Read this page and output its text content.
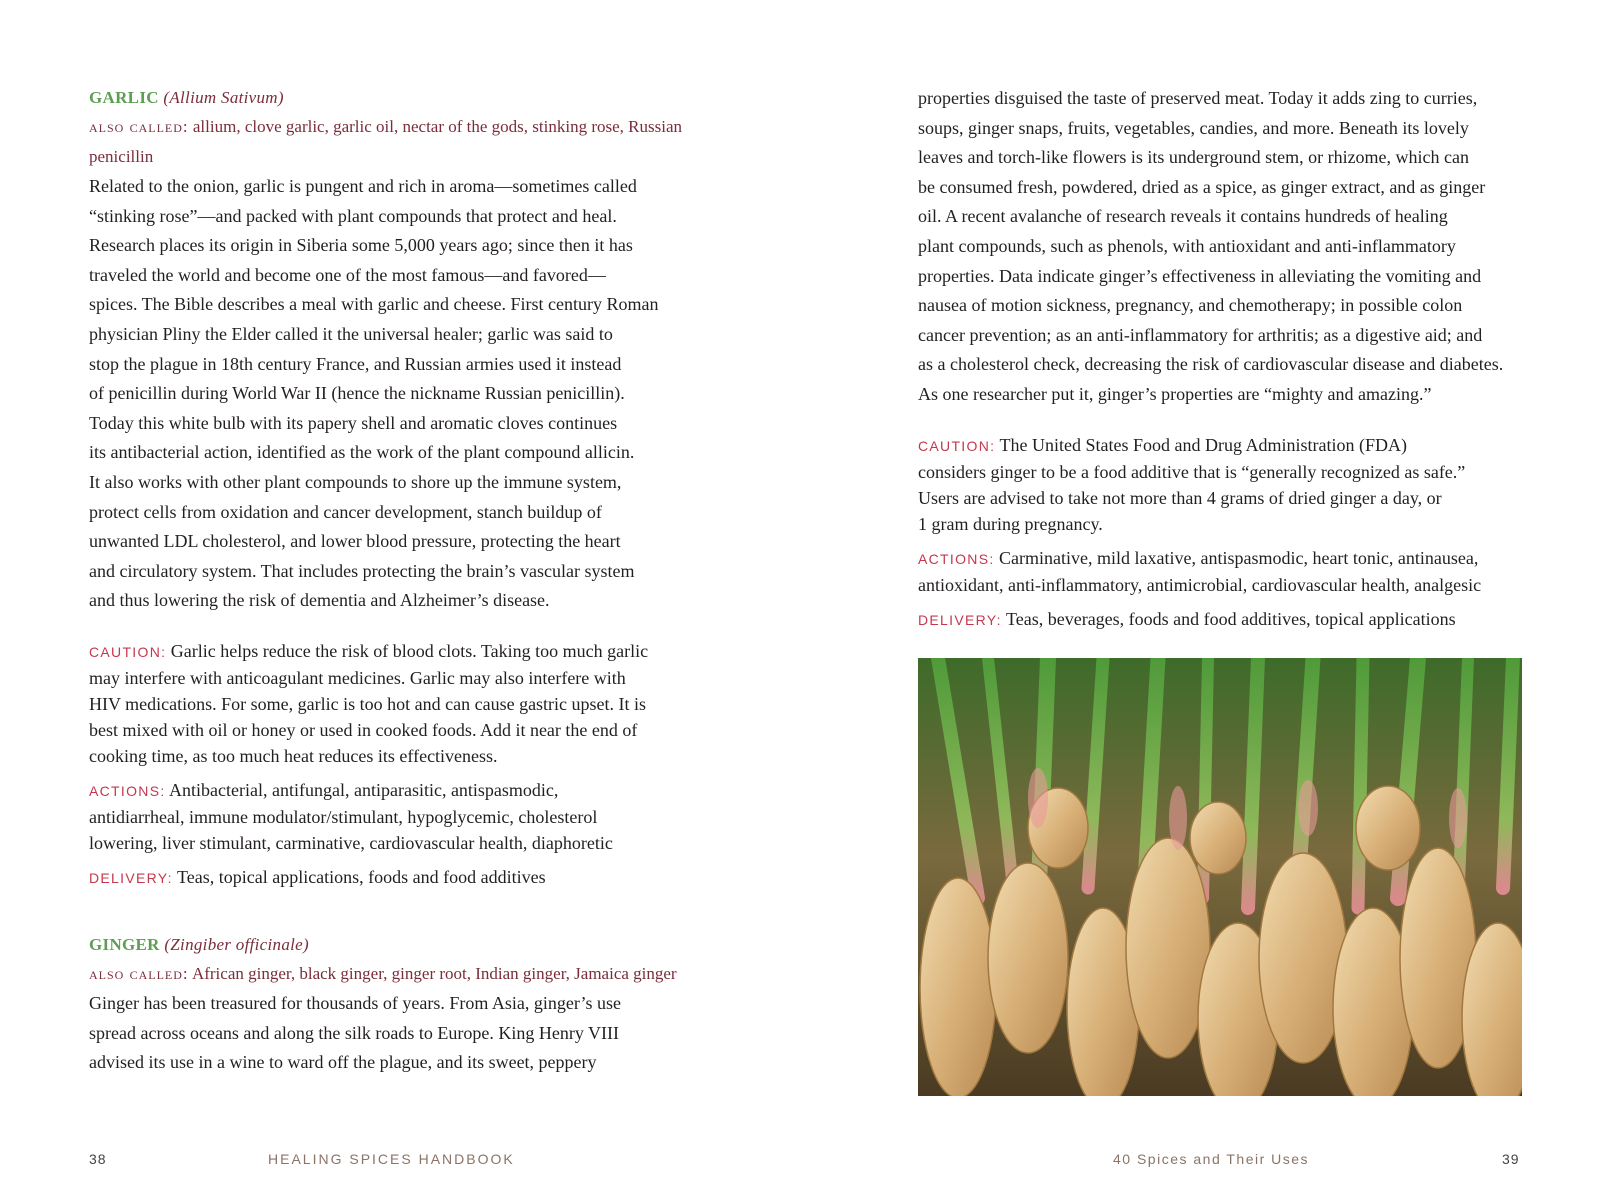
GARLIC (Allium Sativum)

also called: allium, clove garlic, garlic oil, nectar of the gods, stinking rose, Russian penicillin

Related to the onion, garlic is pungent and rich in aroma—sometimes called
“stinking rose”—and packed with plant compounds that protect and heal.
Research places its origin in Siberia some 5,000 years ago; since then it has
traveled the world and become one of the most famous—and favored—
spices. The Bible describes a meal with garlic and cheese. First century Roman
physician Pliny the Elder called it the universal healer; garlic was said to
stop the plague in 18th century France, and Russian armies used it instead
of penicillin during World War II (hence the nickname Russian penicillin).
Today this white bulb with its papery shell and aromatic cloves continues
its antibacterial action, identified as the work of the plant compound allicin.
It also works with other plant compounds to shore up the immune system,
protect cells from oxidation and cancer development, stanch buildup of
unwanted LDL cholesterol, and lower blood pressure, protecting the heart
and circulatory system. That includes protecting the brain’s vascular system
and thus lowering the risk of dementia and Alzheimer’s disease.
CAUTION: Garlic helps reduce the risk of blood clots. Taking too much garlic
may interfere with anticoagulant medicines. Garlic may also interfere with
HIV medications. For some, garlic is too hot and can cause gastric upset. It is
best mixed with oil or honey or used in cooked foods. Add it near the end of
cooking time, as too much heat reduces its effectiveness.
ACTIONS: Antibacterial, antifungal, antiparasitic, antispasmodic,
antidiarrheal, immune modulator/stimulant, hypoglycemic, cholesterol
lowering, liver stimulant, carminative, cardiovascular health, diaphoretic
DELIVERY: Teas, topical applications, foods and food additives

GINGER (Zingiber officinale)

also called: African ginger, black ginger, ginger root, Indian ginger, Jamaica ginger

Ginger has been treasured for thousands of years. From Asia, ginger’s use
spread across oceans and along the silk roads to Europe. King Henry VIII
advised its use in a wine to ward off the plague, and its sweet, peppery
properties disguised the taste of preserved meat. Today it adds zing to curries,
soups, ginger snaps, fruits, vegetables, candies, and more. Beneath its lovely
leaves and torch-like flowers is its underground stem, or rhizome, which can
be consumed fresh, powdered, dried as a spice, as ginger extract, and as ginger
oil. A recent avalanche of research reveals it contains hundreds of healing
plant compounds, such as phenols, with antioxidant and anti-inflammatory
properties. Data indicate ginger’s effectiveness in alleviating the vomiting and
nausea of motion sickness, pregnancy, and chemotherapy; in possible colon
cancer prevention; as an anti-inflammatory for arthritis; as a digestive aid; and
as a cholesterol check, decreasing the risk of cardiovascular disease and diabetes.
As one researcher put it, ginger’s properties are “mighty and amazing.”
CAUTION: The United States Food and Drug Administration (FDA)
considers ginger to be a food additive that is “generally recognized as safe.”
Users are advised to take not more than 4 grams of dried ginger a day, or
1 gram during pregnancy.
ACTIONS: Carminative, mild laxative, antispasmodic, heart tonic, antinausea,
antioxidant, anti-inflammatory, antimicrobial, cardiovascular health, analgesic
DELIVERY: Teas, beverages, foods and food additives, topical applications
38	HEALING SPICES HANDBOOK	40 Spices and Their Uses	39
